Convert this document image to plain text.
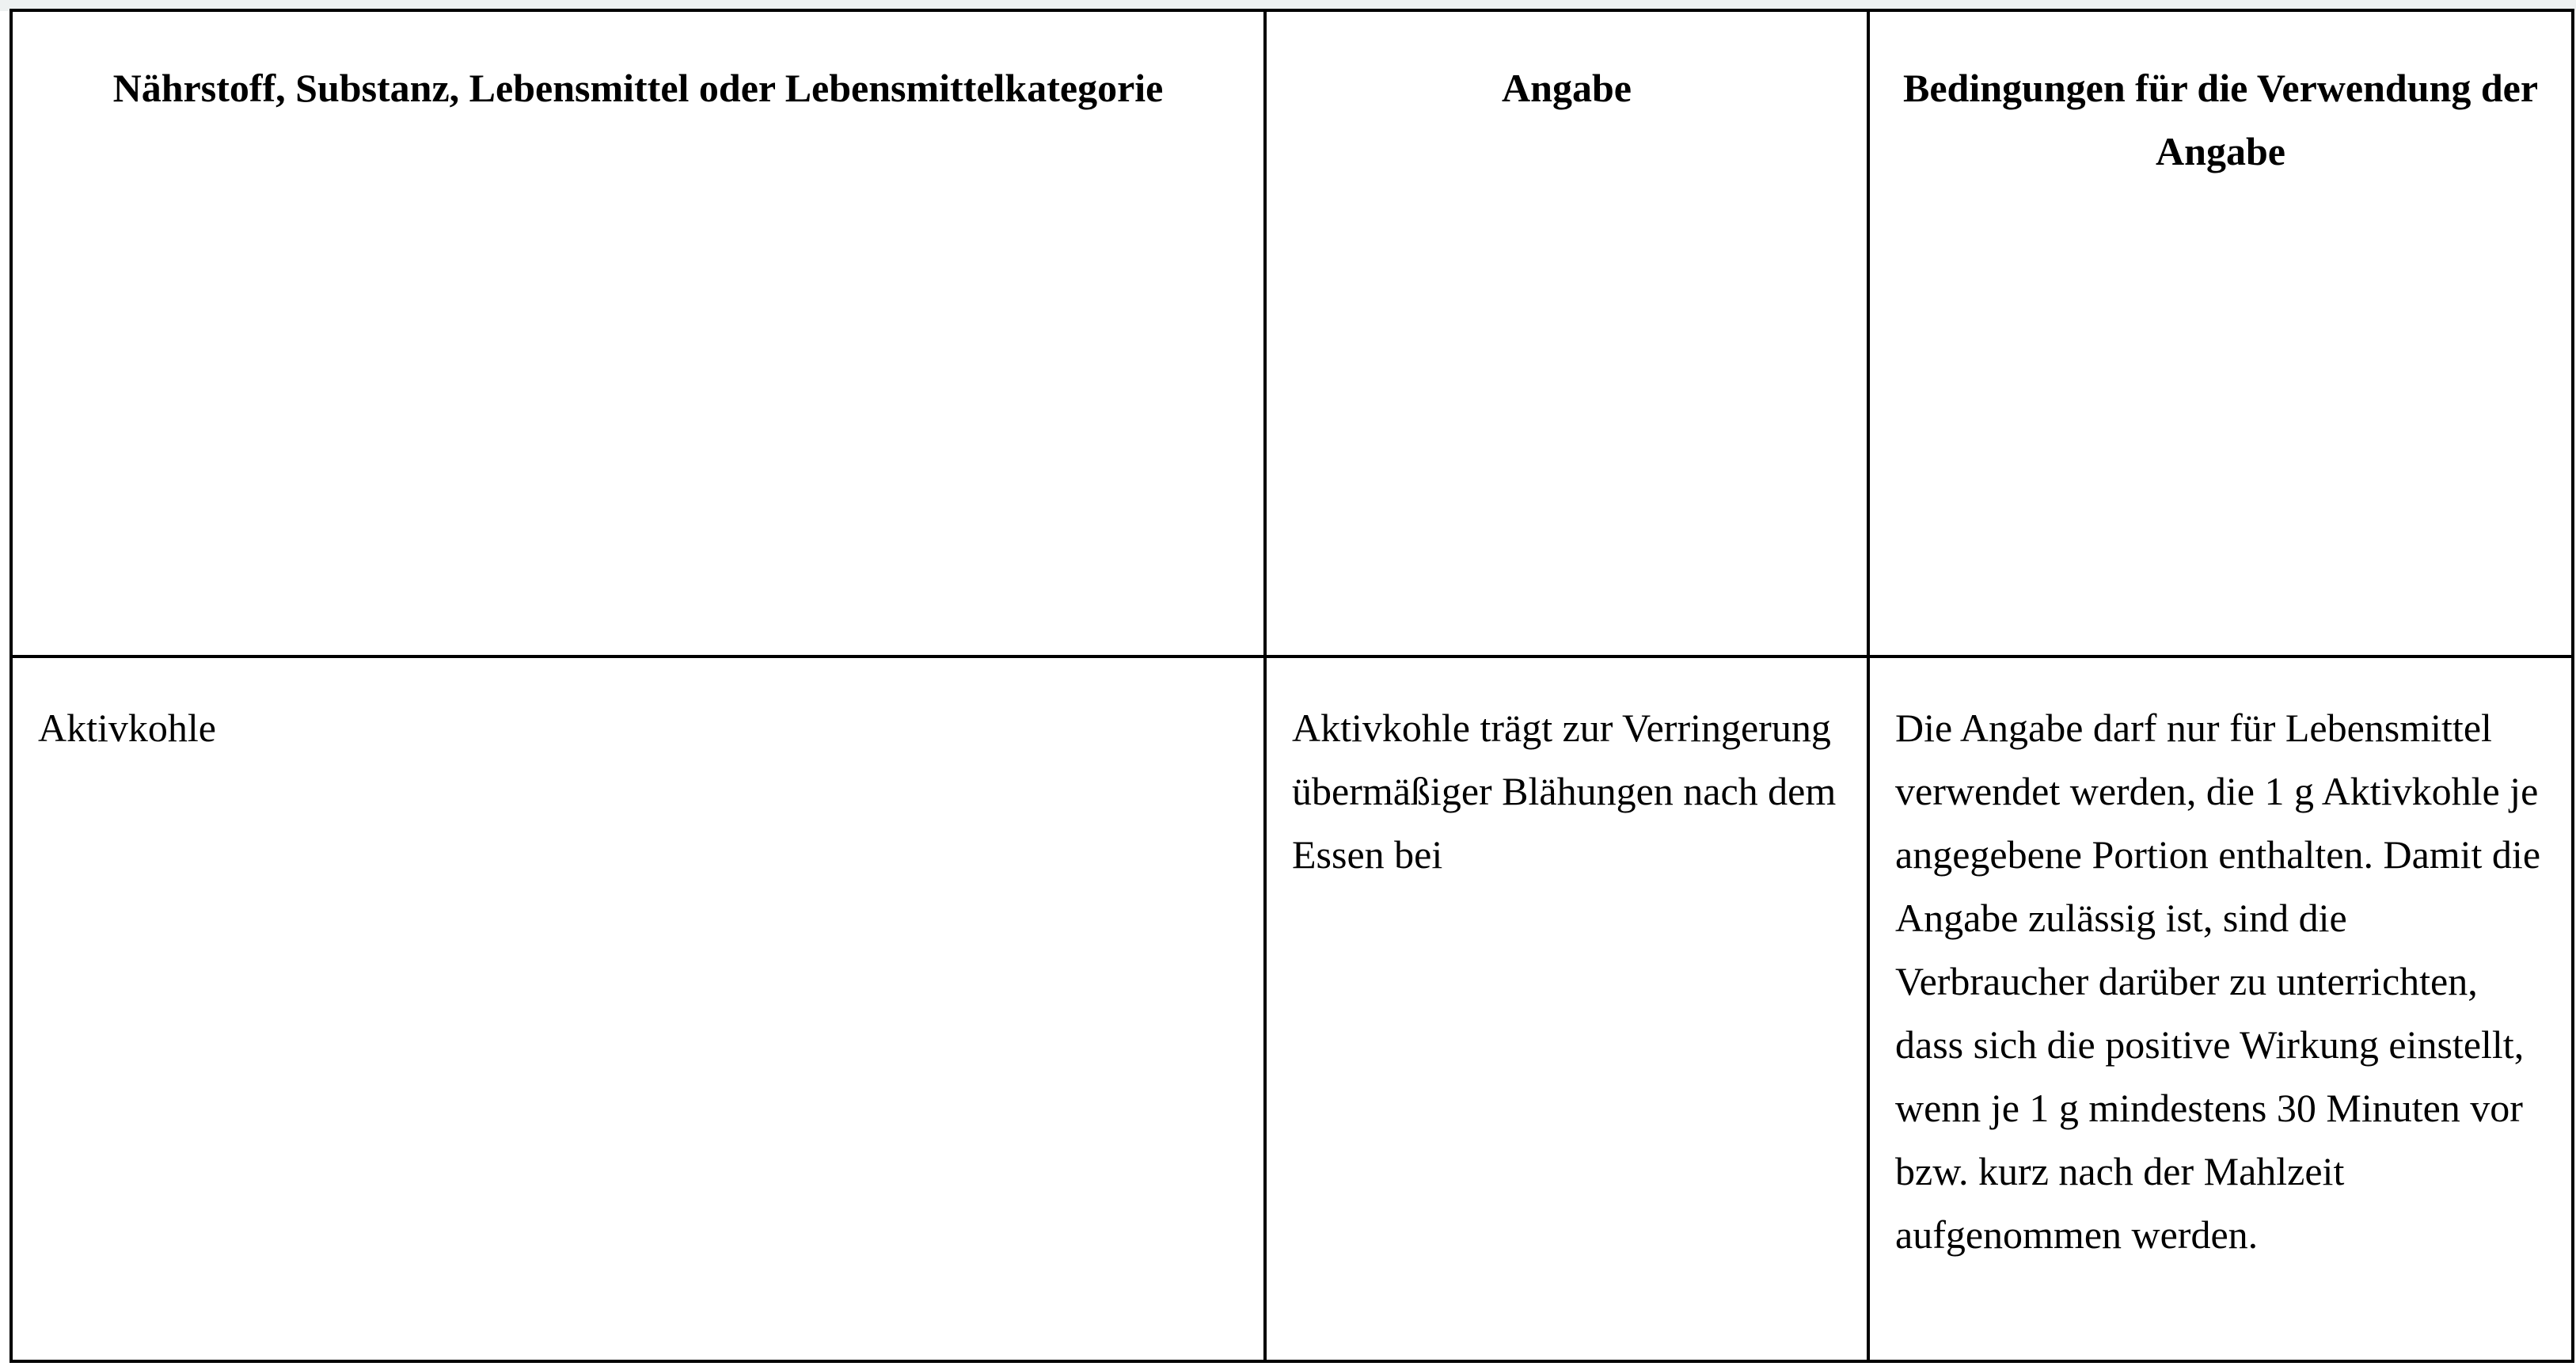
Nährstoff, Substanz, Lebensmittel oder Lebensmittelkategorie	Angabe	Bedingungen für die Verwendung der Angabe

Aktivkohle	Aktivkohle trägt zur Verringerung übermäßiger Blähungen nach dem Essen bei	Die Angabe darf nur für Lebensmittel verwendet werden, die 1 g Aktivkohle je angegebene Portion enthalten. Damit die Angabe zulässig ist, sind die Verbraucher darüber zu unterrichten, dass sich die positive Wirkung einstellt, wenn je 1 g mindestens 30 Minuten vor bzw. kurz nach der Mahlzeit aufgenommen werden.
